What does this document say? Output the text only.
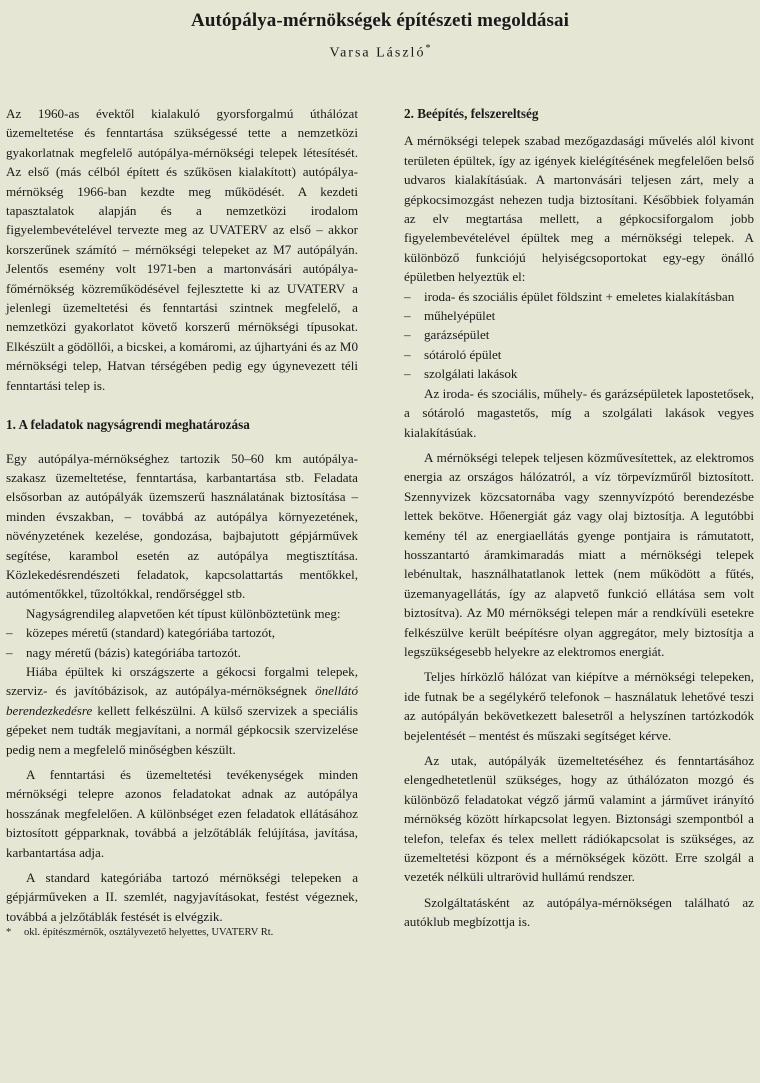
Autópálya-mérnökségek építészeti megoldásai
Varsa László*

Az 1960-as évektől kialakuló gyorsforgalmú úthálózat üzemeltetése és fenntartása szükségessé tette a nemzetközi gyakorlatnak megfelelő autópálya-mérnökségi telepek létesítését. Az első (más célból épített és szűkösen kialakított) autópálya-mérnökség 1966-ban kezdte meg működését. A kezdeti tapasztalatok alapján és a nemzetközi irodalom figyelembevételével tervezte meg az UVATERV az első – akkor korszerűnek számító – mérnökségi telepeket az M7 autópályán. Jelentős esemény volt 1971-ben a martonvásári autópálya-főmérnökség közreműködésével fejlesztette ki az UVATERV a jelenlegi üzemeltetési és fenntartási szintnek megfelelő, a nemzetközi gyakorlatot követő korszerű mérnökségi típusokat. Elkészült a gödöllői, a bicskei, a komáromi, az újhartyáni és az M0 mérnökségi telep, Hatvan térségében pedig egy úgynevezett téli fenntartási telep is.

1. A feladatok nagyságrendi meghatározása

Egy autópálya-mérnökséghez tartozik 50–60 km autópálya-szakasz üzemeltetése, fenntartása, karbantartása stb. Feladata elsősorban az autópályák üzemszerű használatának biztosítása – minden évszakban, – továbbá az autópálya környezetének, növényzetének kezelése, gondozása, bajbajutott gépjárművek segítése, karambol esetén az autópálya megtisztítása. Közlekedésrendészeti feladatok, kapcsolattartás mentőkkel, autómentőkkel, tűzoltókkal, rendőrséggel stb.

Nagyságrendileg alapvetően két típust különböztetünk meg:

– közepes méretű (standard) kategóriába tartozót,

– nagy méretű (bázis) kategóriába tartozót.

Hiába épültek ki országszerte a gékocsi forgalmi telepek, szerviz- és javítóbázisok, az autópálya-mérnökségnek önellátó berendezkedésre kellett felkészülni. A külső szervizek a speciális gépeket nem tudták megjavítani, a normál gépkocsik szervizelése pedig nem a megfelelő minőségben készült.

A fenntartási és üzemeltetési tevékenységek minden mérnökségi telepre azonos feladatokat adnak az autópálya hosszának megfelelően. A különbséget ezen feladatok ellátásához biztosított gépparknak, továbbá a jelzőtáblák felújítása, javítása, karbantartása adja.

A standard kategóriába tartozó mérnökségi telepeken a gépjárműveken a II. szemlét, nagyjavításokat, festést végeznek, továbbá a jelzőtáblák festését is elvégzik.

* okl. építészmérnök, osztályvezető helyettes, UVATERV Rt.

2. Beépítés, felszereltség

A mérnökségi telepek szabad mezőgazdasági művelés alól kivont területen épültek, így az igények kielégítésének megfelelően belső udvaros kialakításúak. A martonvásári teljesen zárt, mely a gépkocsimozgást nehezen tudja biztosítani. Későbbiek folyamán az elv megtartása mellett, a gépkocsiforgalom jobb figyelembevételével épültek meg a mérnökségi telepek. A különböző funkciójú helyiségcsoportokat egy-egy önálló épületben helyeztük el:

– iroda- és szociális épület földszint + emeletes kialakításban

– műhelyépület

– garázsépület

– sótároló épület

– szolgálati lakások

Az iroda- és szociális, műhely- és garázsépületek lapostetősek, a sótároló magastetős, míg a szolgálati lakások vegyes kialakításúak.

A mérnökségi telepek teljesen közművesítettek, az elektromos energia az országos hálózatról, a víz törpevízműről biztosított. Szennyvizek közcsatornába vagy szennyvízpótó berendezésbe lettek bekötve. Hőenergiát gáz vagy olaj biztosítja. A legutóbbi kemény tél az energiaellátás gyenge pontjaira is rámutatott, hosszantartó áramkimaradás miatt a mérnökségi telepek lebénultak, használhatatlanok lettek (nem működött a fűtés, üzemanyagellátás, így az alapvető funkció ellátása sem volt biztosítva). Az M0 mérnökségi telepen már a rendkívüli esetekre felkészülve került beépítésre olyan aggregátor, mely biztosítja a legszükségesebb helyekre az elektromos energiát.

Teljes hírközlő hálózat van kiépítve a mérnökségi telepeken, ide futnak be a segélykérő telefonok – használatuk lehetővé teszi az autópályán bekövetkezett balesetről a helyszínen tartózkodók bejelentését – mentést és műszaki segítséget kérve.

Az utak, autópályák üzemeltetéséhez és fenntartásához elengedhetetlenül szükséges, hogy az úthálózaton mozgó és különböző feladatokat végző jármű valamint a járművet irányító mérnökség között hírkapcsolat legyen. Biztonsági szempontból a telefon, telefax és telex mellett rádiókapcsolat is szükséges, az üzemeltetési központ és a mérnökségek között. Erre szolgál a vezeték nélküli ultrarövid hullámú rendszer.

Szolgáltatásként az autópálya-mérnökségen található az autóklub megbízottja is.
